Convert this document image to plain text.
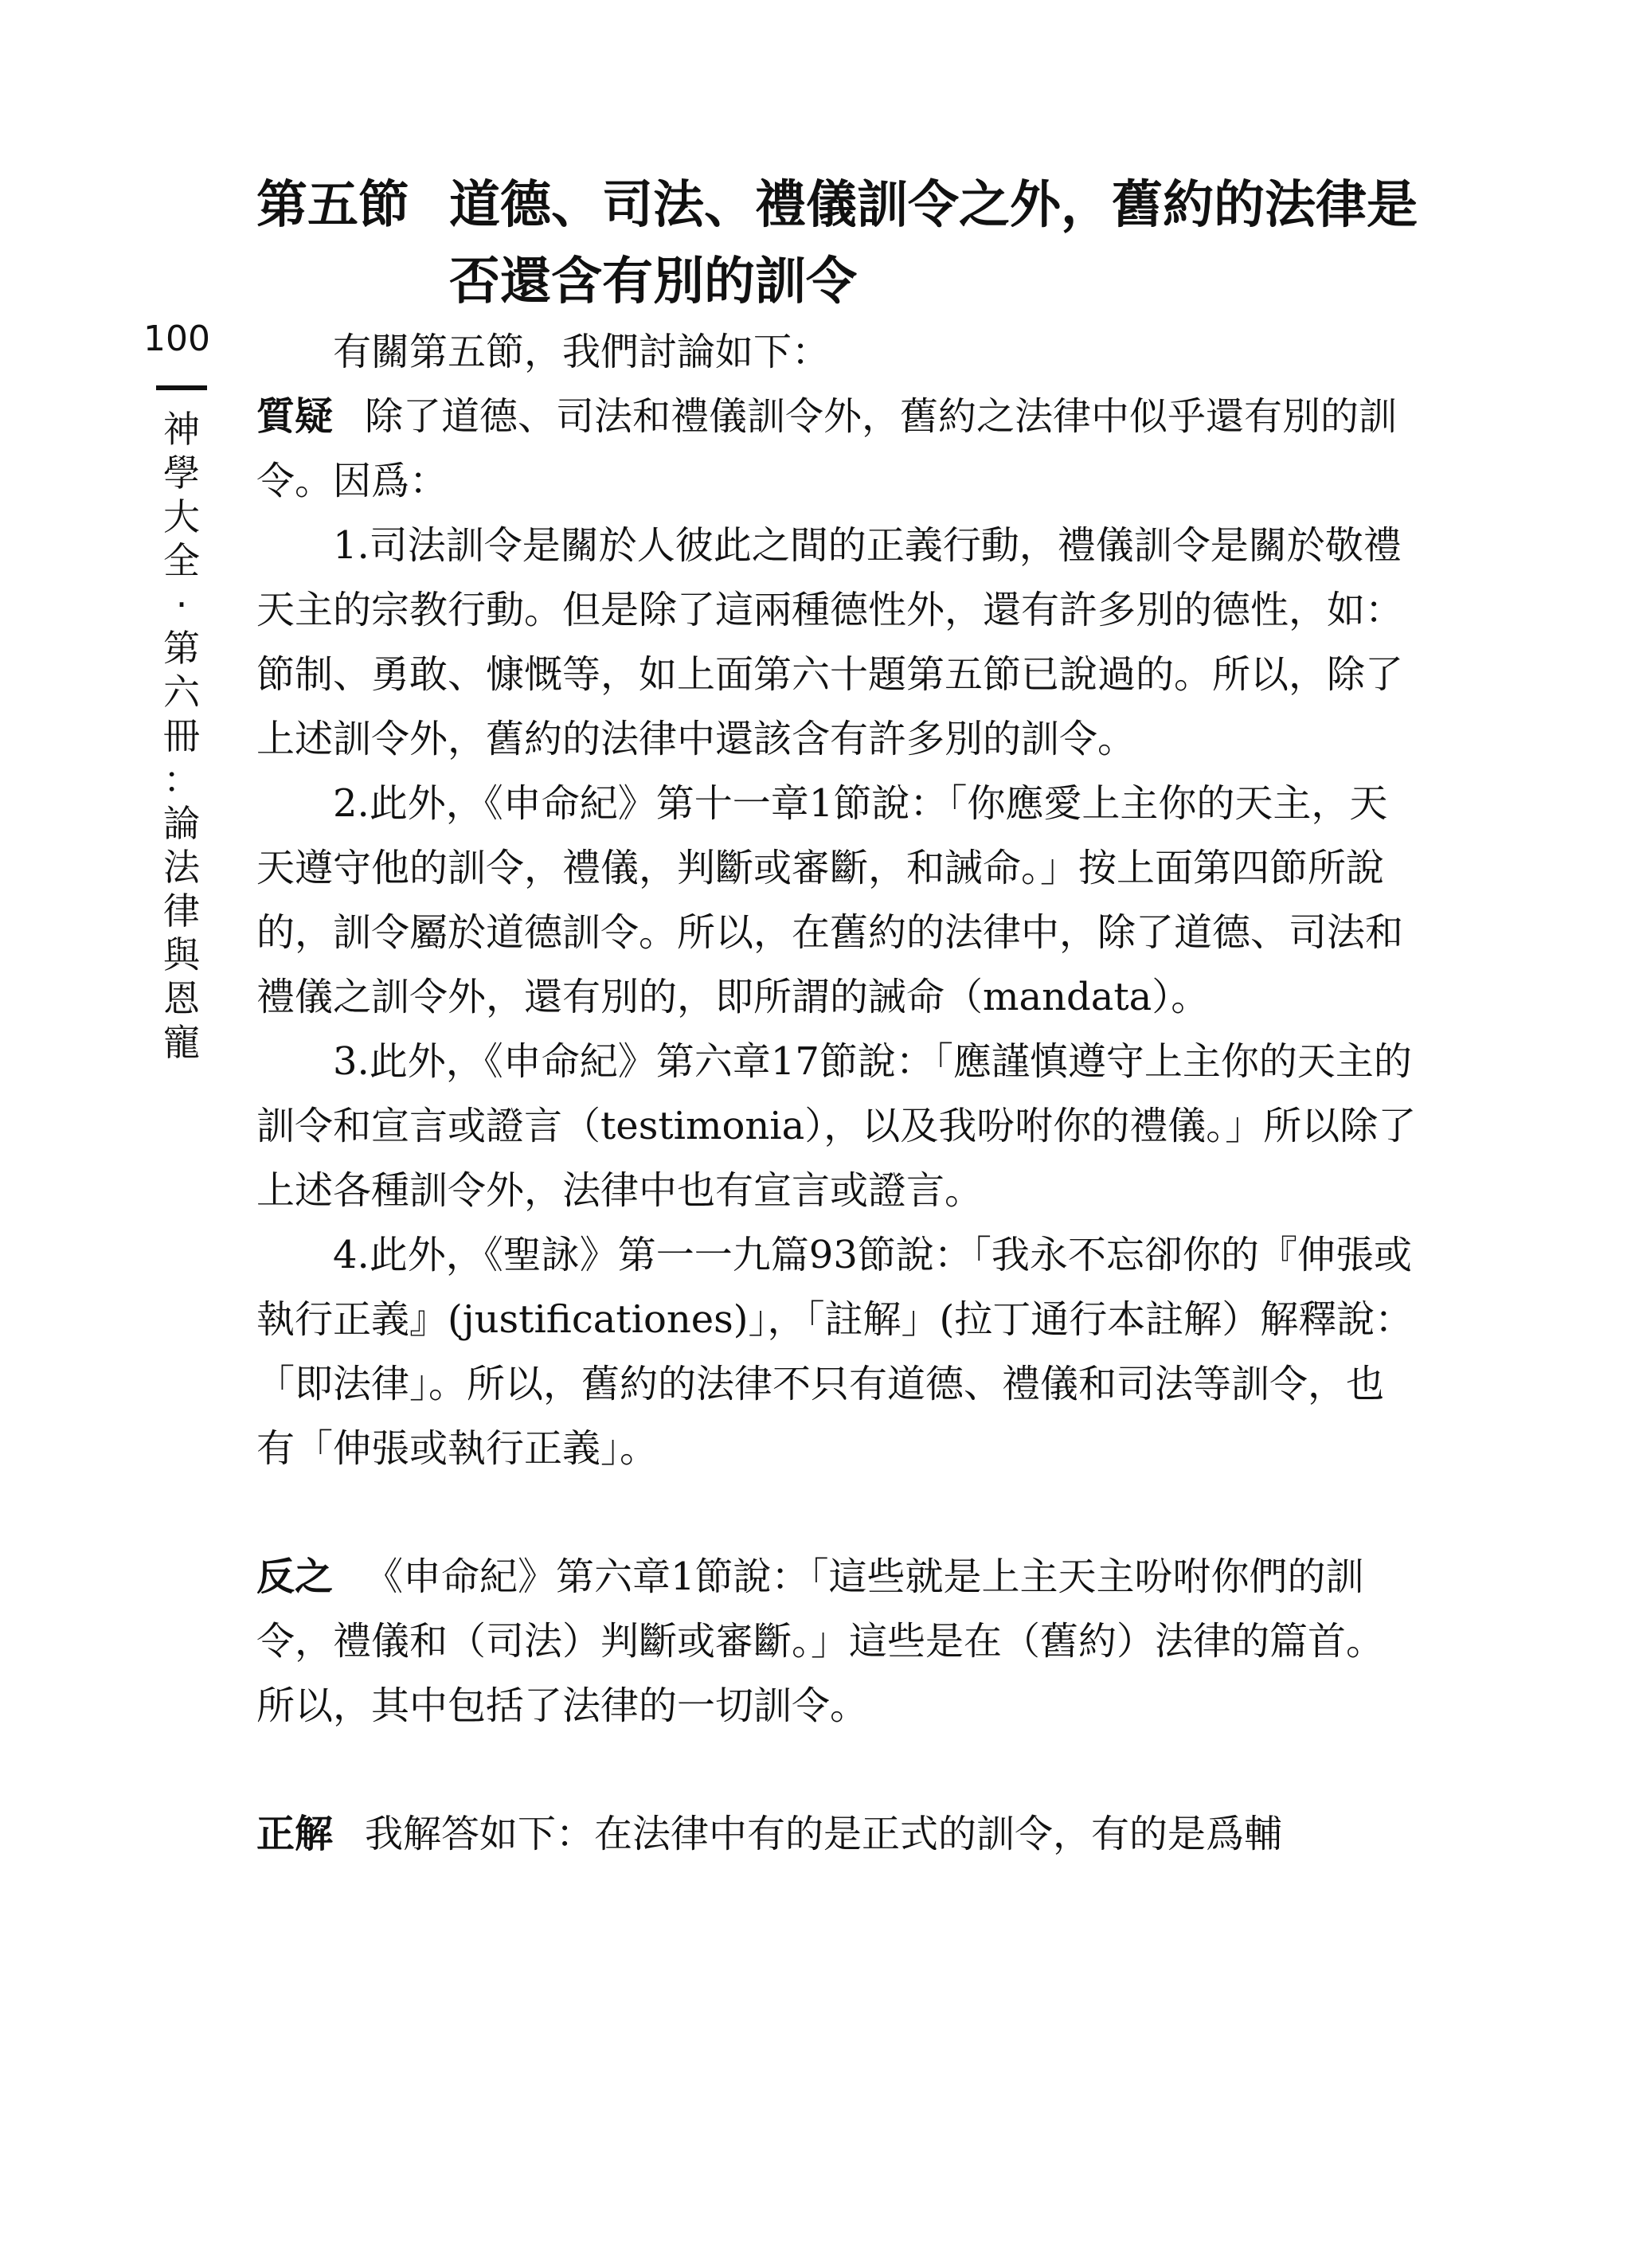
100
神
學
大
全
·
第
六
冊
：
論
法
律
與
恩
寵
第五節 道德、司法、禮儀訓令之外，舊約的法律是否還含有別的訓令

有關第五節，我們討論如下：

質疑 除了道德、司法和禮儀訓令外，舊約之法律中似乎還有別的訓令。因爲：

1.司法訓令是關於人彼此之間的正義行動，禮儀訓令是關於敬禮天主的宗教行動。但是除了這兩種德性外，還有許多別的德性，如：節制、勇敢、慷慨等，如上面第六十題第五節已說過的。所以，除了上述訓令外，舊約的法律中還該含有許多別的訓令。

2.此外，《申命紀》第十一章1節說：「你應愛上主你的天主，天天遵守他的訓令，禮儀，判斷或審斷，和誡命。」按上面第四節所說的，訓令屬於道德訓令。所以，在舊約的法律中，除了道德、司法和禮儀之訓令外，還有別的，即所謂的誡命（mandata）。

3.此外，《申命紀》第六章17節說：「應謹慎遵守上主你的天主的訓令和宣言或證言（testimonia），以及我吩咐你的禮儀。」所以除了上述各種訓令外，法律中也有宣言或證言。

4.此外，《聖詠》第一一九篇93節說：「我永不忘卻你的『伸張或執行正義』(justificationes)」，「註解」(拉丁通行本註解）解釋說：「即法律」。所以，舊約的法律不只有道德、禮儀和司法等訓令，也有「伸張或執行正義」。

反之 《申命紀》第六章1節說：「這些就是上主天主吩咐你們的訓令，禮儀和（司法）判斷或審斷。」這些是在（舊約）法律的篇首。所以，其中包括了法律的一切訓令。

正解 我解答如下：在法律中有的是正式的訓令，有的是爲輔
